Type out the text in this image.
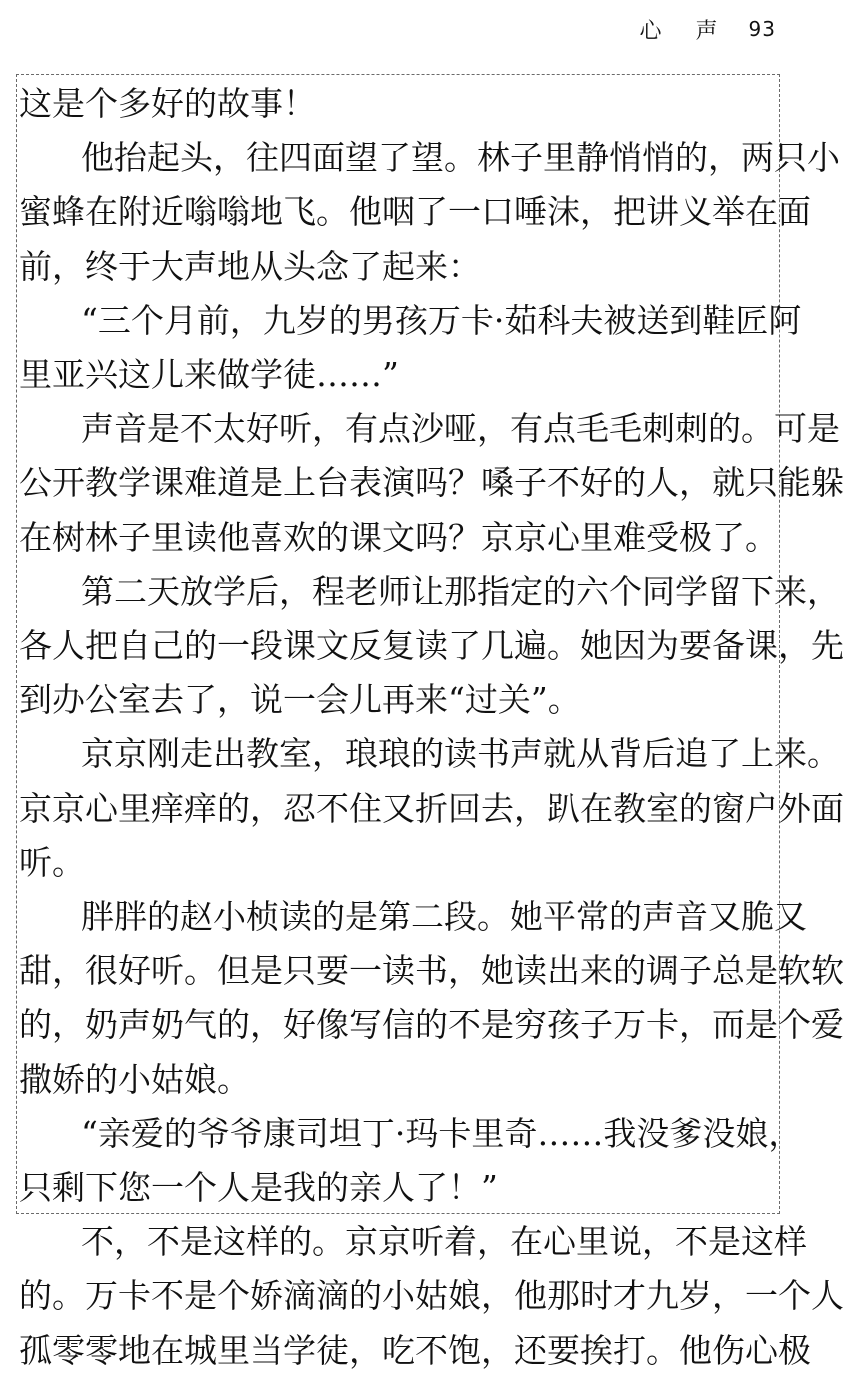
心	声	93
这是个多好的故事！
他抬起头，往四面望了望。林子里静悄悄的，两只小
蜜蜂在附近嗡嗡地飞。他咽了一口唾沫，把讲义举在面
前，终于大声地从头念了起来：
“三个月前，九岁的男孩万卡·茹科夫被送到鞋匠阿
里亚兴这儿来做学徒……”
声音是不太好听，有点沙哑，有点毛毛刺刺的。可是
公开教学课难道是上台表演吗？嗓子不好的人，就只能躲
在树林子里读他喜欢的课文吗？京京心里难受极了。
第二天放学后，程老师让那指定的六个同学留下来，
各人把自己的一段课文反复读了几遍。她因为要备课，先
到办公室去了，说一会儿再来“过关”。
京京刚走出教室，琅琅的读书声就从背后追了上来。
京京心里痒痒的，忍不住又折回去，趴在教室的窗户外面
听。
胖胖的赵小桢读的是第二段。她平常的声音又脆又
甜，很好听。但是只要一读书，她读出来的调子总是软软
的，奶声奶气的，好像写信的不是穷孩子万卡，而是个爱
撒娇的小姑娘。
“亲爱的爷爷康司坦丁·玛卡里奇……我没爹没娘，
只剩下您一个人是我的亲人了！”
不，不是这样的。京京听着，在心里说，不是这样
的。万卡不是个娇滴滴的小姑娘，他那时才九岁，一个人
孤零零地在城里当学徒，吃不饱，还要挨打。他伤心极
